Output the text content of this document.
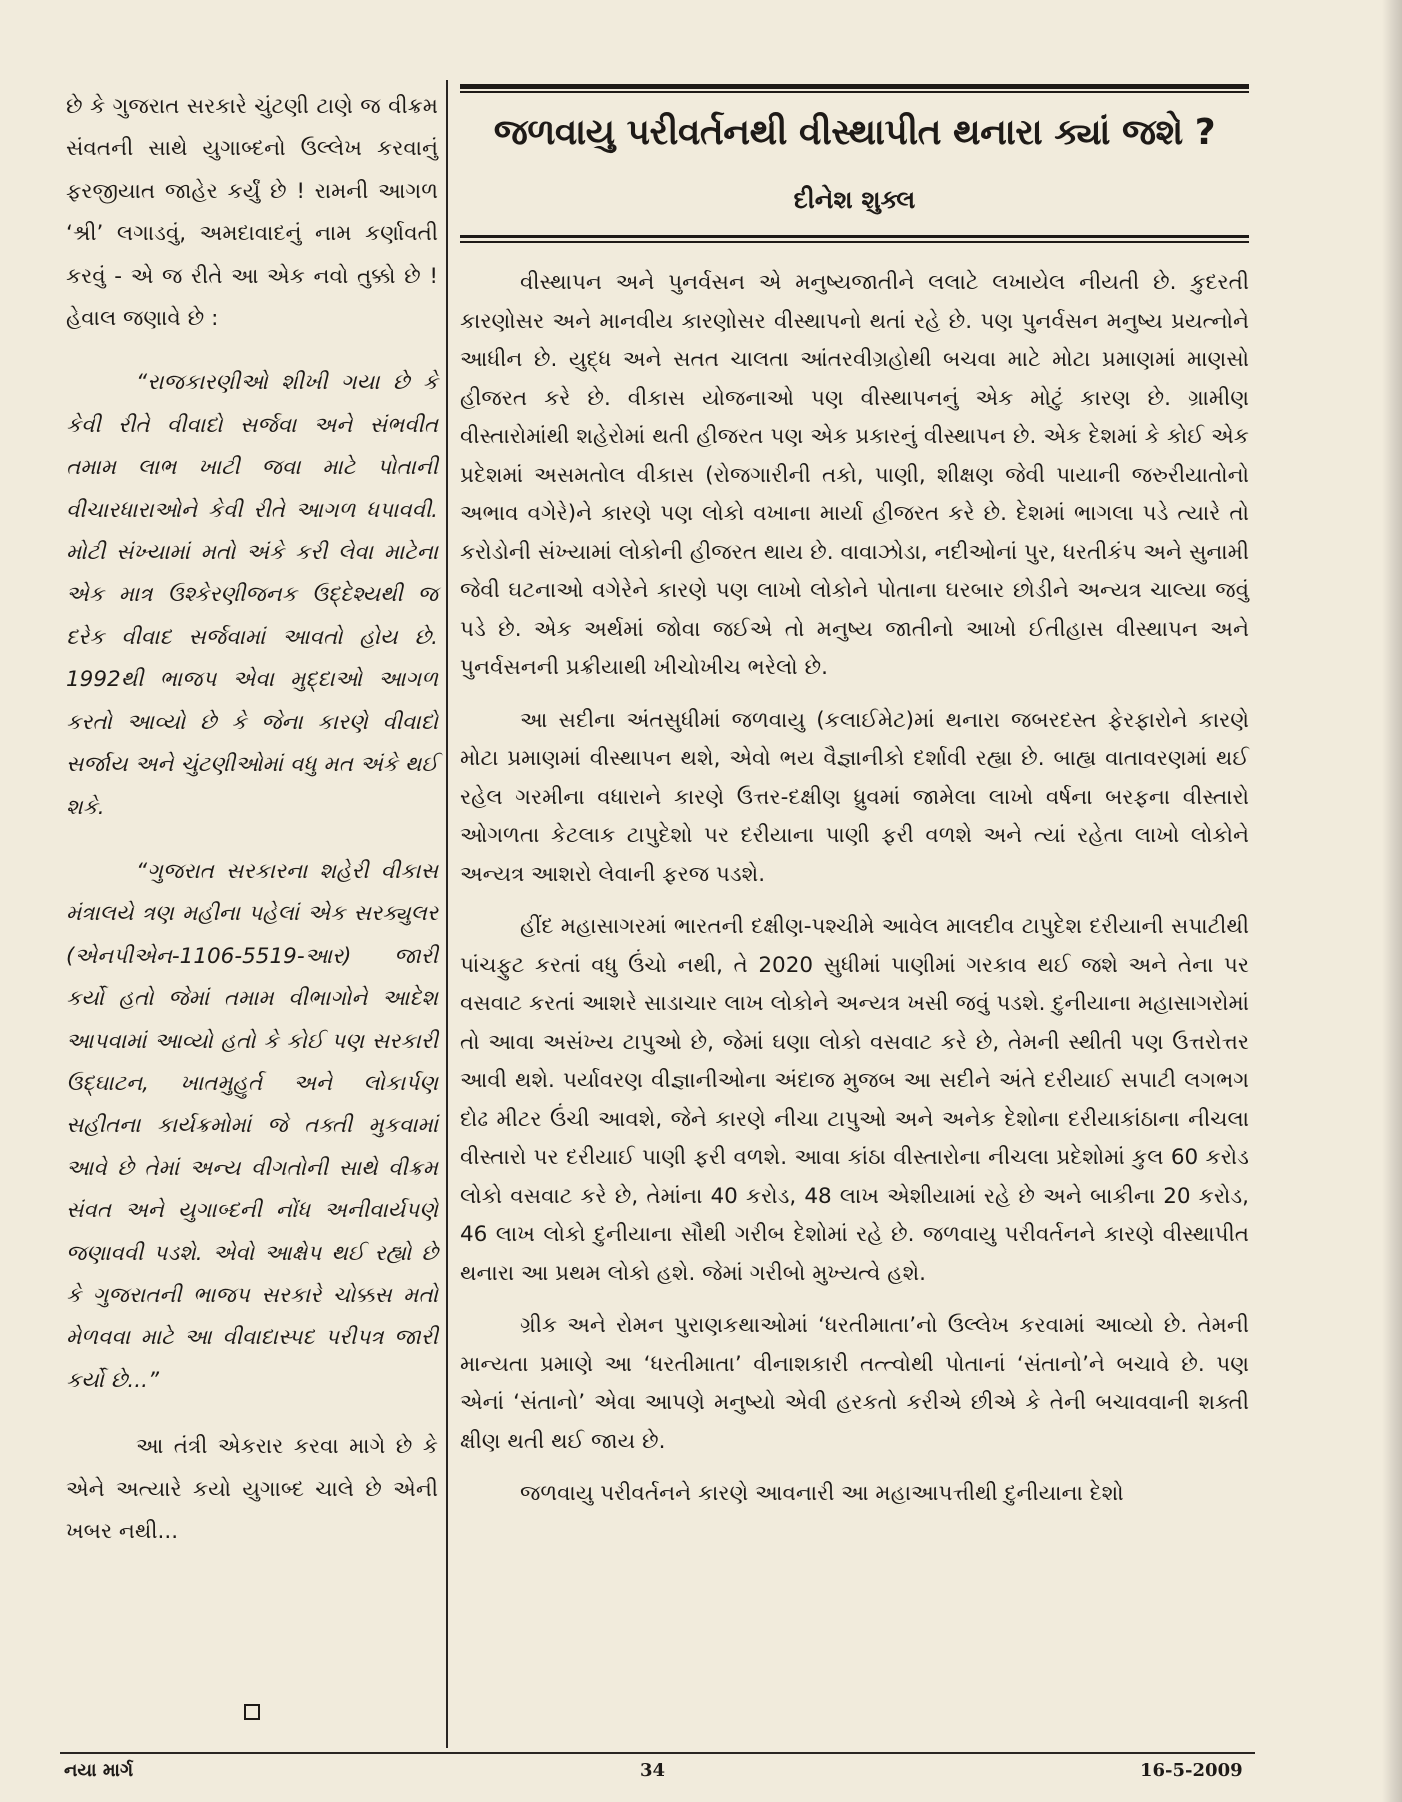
છે કે ગુજરાત સરકારે ચુંટણી ટાણે જ વીક્રમ સંવતની સાથે યુગાબ્દનો ઉલ્લેખ કરવાનું ફરજીયાત જાહેર કર્યું છે ! રામની આગળ ‘શ્રી’ લગાડવું, અમદાવાદનું નામ કર્ણાવતી કરવું - એ જ રીતે આ એક નવો તુક્કો છે ! હેવાલ જણાવે છે :

“રાજકારણીઓ શીખી ગયા છે કે કેવી રીતે વીવાદો સર્જવા અને સંભવીત તમામ લાભ ખાટી જવા માટે પોતાની વીચારધારાઓને કેવી રીતે આગળ ધપાવવી. મોટી સંખ્યામાં મતો અંકે કરી લેવા માટેના એક માત્ર ઉશ્કેરણીજનક ઉદ્દેશ્યથી જ દરેક વીવાદ સર્જવામાં આવતો હોય છે. 1992થી ભાજપ એવા મુદ્દાઓ આગળ કરતો આવ્યો છે કે જેના કારણે વીવાદો સર્જાય અને ચુંટણીઓમાં વધુ મત અંકે થઈ શકે.

“ગુજરાત સરકારના શહેરી વીકાસ મંત્રાલયે ત્રણ મહીના પહેલાં એક સરક્યુલર (એનપીએન-1106-5519-આર) જારી કર્યો હતો જેમાં તમામ વીભાગોને આદેશ આપવામાં આવ્યો હતો કે કોઈ પણ સરકારી ઉદ્‌ઘાટન, ખાતમુહુર્ત અને લોકાર્પણ સહીતના કાર્યક્રમોમાં જે તક્તી મુકવામાં આવે છે તેમાં અન્ય વીગતોની સાથે વીક્રમ સંવત અને યુગાબ્દની નોંધ અનીવાર્યપણે જણાવવી પડશે. એવો આક્ષેપ થઈ રહ્યો છે કે ગુજરાતની ભાજપ સરકારે ચોક્કસ મતો મેળવવા માટે આ વીવાદાસ્પદ પરીપત્ર જારી કર્યો છે...”

આ તંત્રી એકરાર કરવા માગે છે કે એને અત્યારે કયો યુગાબ્દ ચાલે છે એની ખબર નથી...

જળવાયુ પરીવર્તનથી વીસ્થાપીત થનારા ક્યાં જશે ?
દીનેશ શુક્લ

વીસ્થાપન અને પુનર્વસન એ મનુષ્યજાતીને લલાટે લખાયેલ નીયતી છે. કુદરતી કારણોસર અને માનવીય કારણોસર વીસ્થાપનો થતાં રહે છે. પણ પુનર્વસન મનુષ્ય પ્રયત્નોને આધીન છે. યુદ્ધ અને સતત ચાલતા આંતરવીગ્રહોથી બચવા માટે મોટા પ્રમાણમાં માણસો હીજરત કરે છે. વીકાસ યોજનાઓ પણ વીસ્થાપનનું એક મોટું કારણ છે. ગ્રામીણ વીસ્તારોમાંથી શહેરોમાં થતી હીજરત પણ એક પ્રકારનું વીસ્થાપન છે. એક દેશમાં કે કોઈ એક પ્રદેશમાં અસમતોલ વીકાસ (રોજગારીની તકો, પાણી, શીક્ષણ જેવી પાયાની જરુરીયાતોનો અભાવ વગેરે)ને કારણે પણ લોકો વખાના માર્યા હીજરત કરે છે. દેશમાં ભાગલા પડે ત્યારે તો કરોડોની સંખ્યામાં લોકોની હીજરત થાય છે. વાવાઝોડા, નદીઓનાં પુર, ધરતીકંપ અને સુનામી જેવી ઘટનાઓ વગેરેને કારણે પણ લાખો લોકોને પોતાના ઘરબાર છોડીને અન્યત્ર ચાલ્યા જવું પડે છે. એક અર્થમાં જોવા જઈએ તો મનુષ્ય જાતીનો આખો ઈતીહાસ વીસ્થાપન અને પુનર્વસનની પ્રક્રીયાથી ખીચોખીચ ભરેલો છે.

આ સદીના અંતસુધીમાં જળવાયુ (કલાઈમેટ)માં થનારા જબરદસ્ત ફેરફારોને કારણે મોટા પ્રમાણમાં વીસ્થાપન થશે, એવો ભય વૈજ્ઞાનીકો દર્શાવી રહ્યા છે. બાહ્ય વાતાવરણમાં થઈ રહેલ ગરમીના વધારાને કારણે ઉત્તર-દક્ષીણ ધ્રુવમાં જામેલા લાખો વર્ષના બરફના વીસ્તારો ઓગળતા કેટલાક ટાપુદેશો પર દરીયાના પાણી ફરી વળશે અને ત્યાં રહેતા લાખો લોકોને અન્યત્ર આશરો લેવાની ફરજ પડશે.

હીંદ મહાસાગરમાં ભારતની દક્ષીણ-પશ્ચીમે આવેલ માલદીવ ટાપુદેશ દરીયાની સપાટીથી પાંચફુટ કરતાં વધુ ઉંચો નથી, તે 2020 સુધીમાં પાણીમાં ગરકાવ થઈ જશે અને તેના પર વસવાટ કરતાં આશરે સાડાચાર લાખ લોકોને અન્યત્ર ખસી જવું પડશે. દુનીયાના મહાસાગરોમાં તો આવા અસંખ્ય ટાપુઓ છે, જેમાં ઘણા લોકો વસવાટ કરે છે, તેમની સ્થીતી પણ ઉત્તરોત્તર આવી થશે. પર્યાવરણ વીજ્ઞાનીઓના અંદાજ મુજબ આ સદીને અંતે દરીયાઈ સપાટી લગભગ દોઢ મીટર ઉંચી આવશે, જેને કારણે નીચા ટાપુઓ અને અનેક દેશોના દરીયાકાંઠાના નીચલા વીસ્તારો પર દરીયાઈ પાણી ફરી વળશે. આવા કાંઠા વીસ્તારોના નીચલા પ્રદેશોમાં કુલ 60 કરોડ લોકો વસવાટ કરે છે, તેમાંના 40 કરોડ, 48 લાખ એશીયામાં રહે છે અને બાકીના 20 કરોડ, 46 લાખ લોકો દુનીયાના સૌથી ગરીબ દેશોમાં રહે છે. જળવાયુ પરીવર્તનને કારણે વીસ્થાપીત થનારા આ પ્રથમ લોકો હશે. જેમાં ગરીબો મુખ્યત્વે હશે.

ગ્રીક અને રોમન પુરાણકથાઓમાં ‘ધરતીમાતા’નો ઉલ્લેખ કરવામાં આવ્યો છે. તેમની માન્યતા પ્રમાણે આ ‘ધરતીમાતા’ વીનાશકારી તત્ત્વોથી પોતાનાં ‘સંતાનો’ને બચાવે છે. પણ એનાં ‘સંતાનો’ એવા આપણે મનુષ્યો એવી હરકતો કરીએ છીએ કે તેની બચાવવાની શક્તી ક્ષીણ થતી થઈ જાય છે.

જળવાયુ પરીવર્તનને કારણે આવનારી આ મહાઆપત્તીથી દુનીયાના દેશો

નયા માર્ગ	34	16-5-2009
